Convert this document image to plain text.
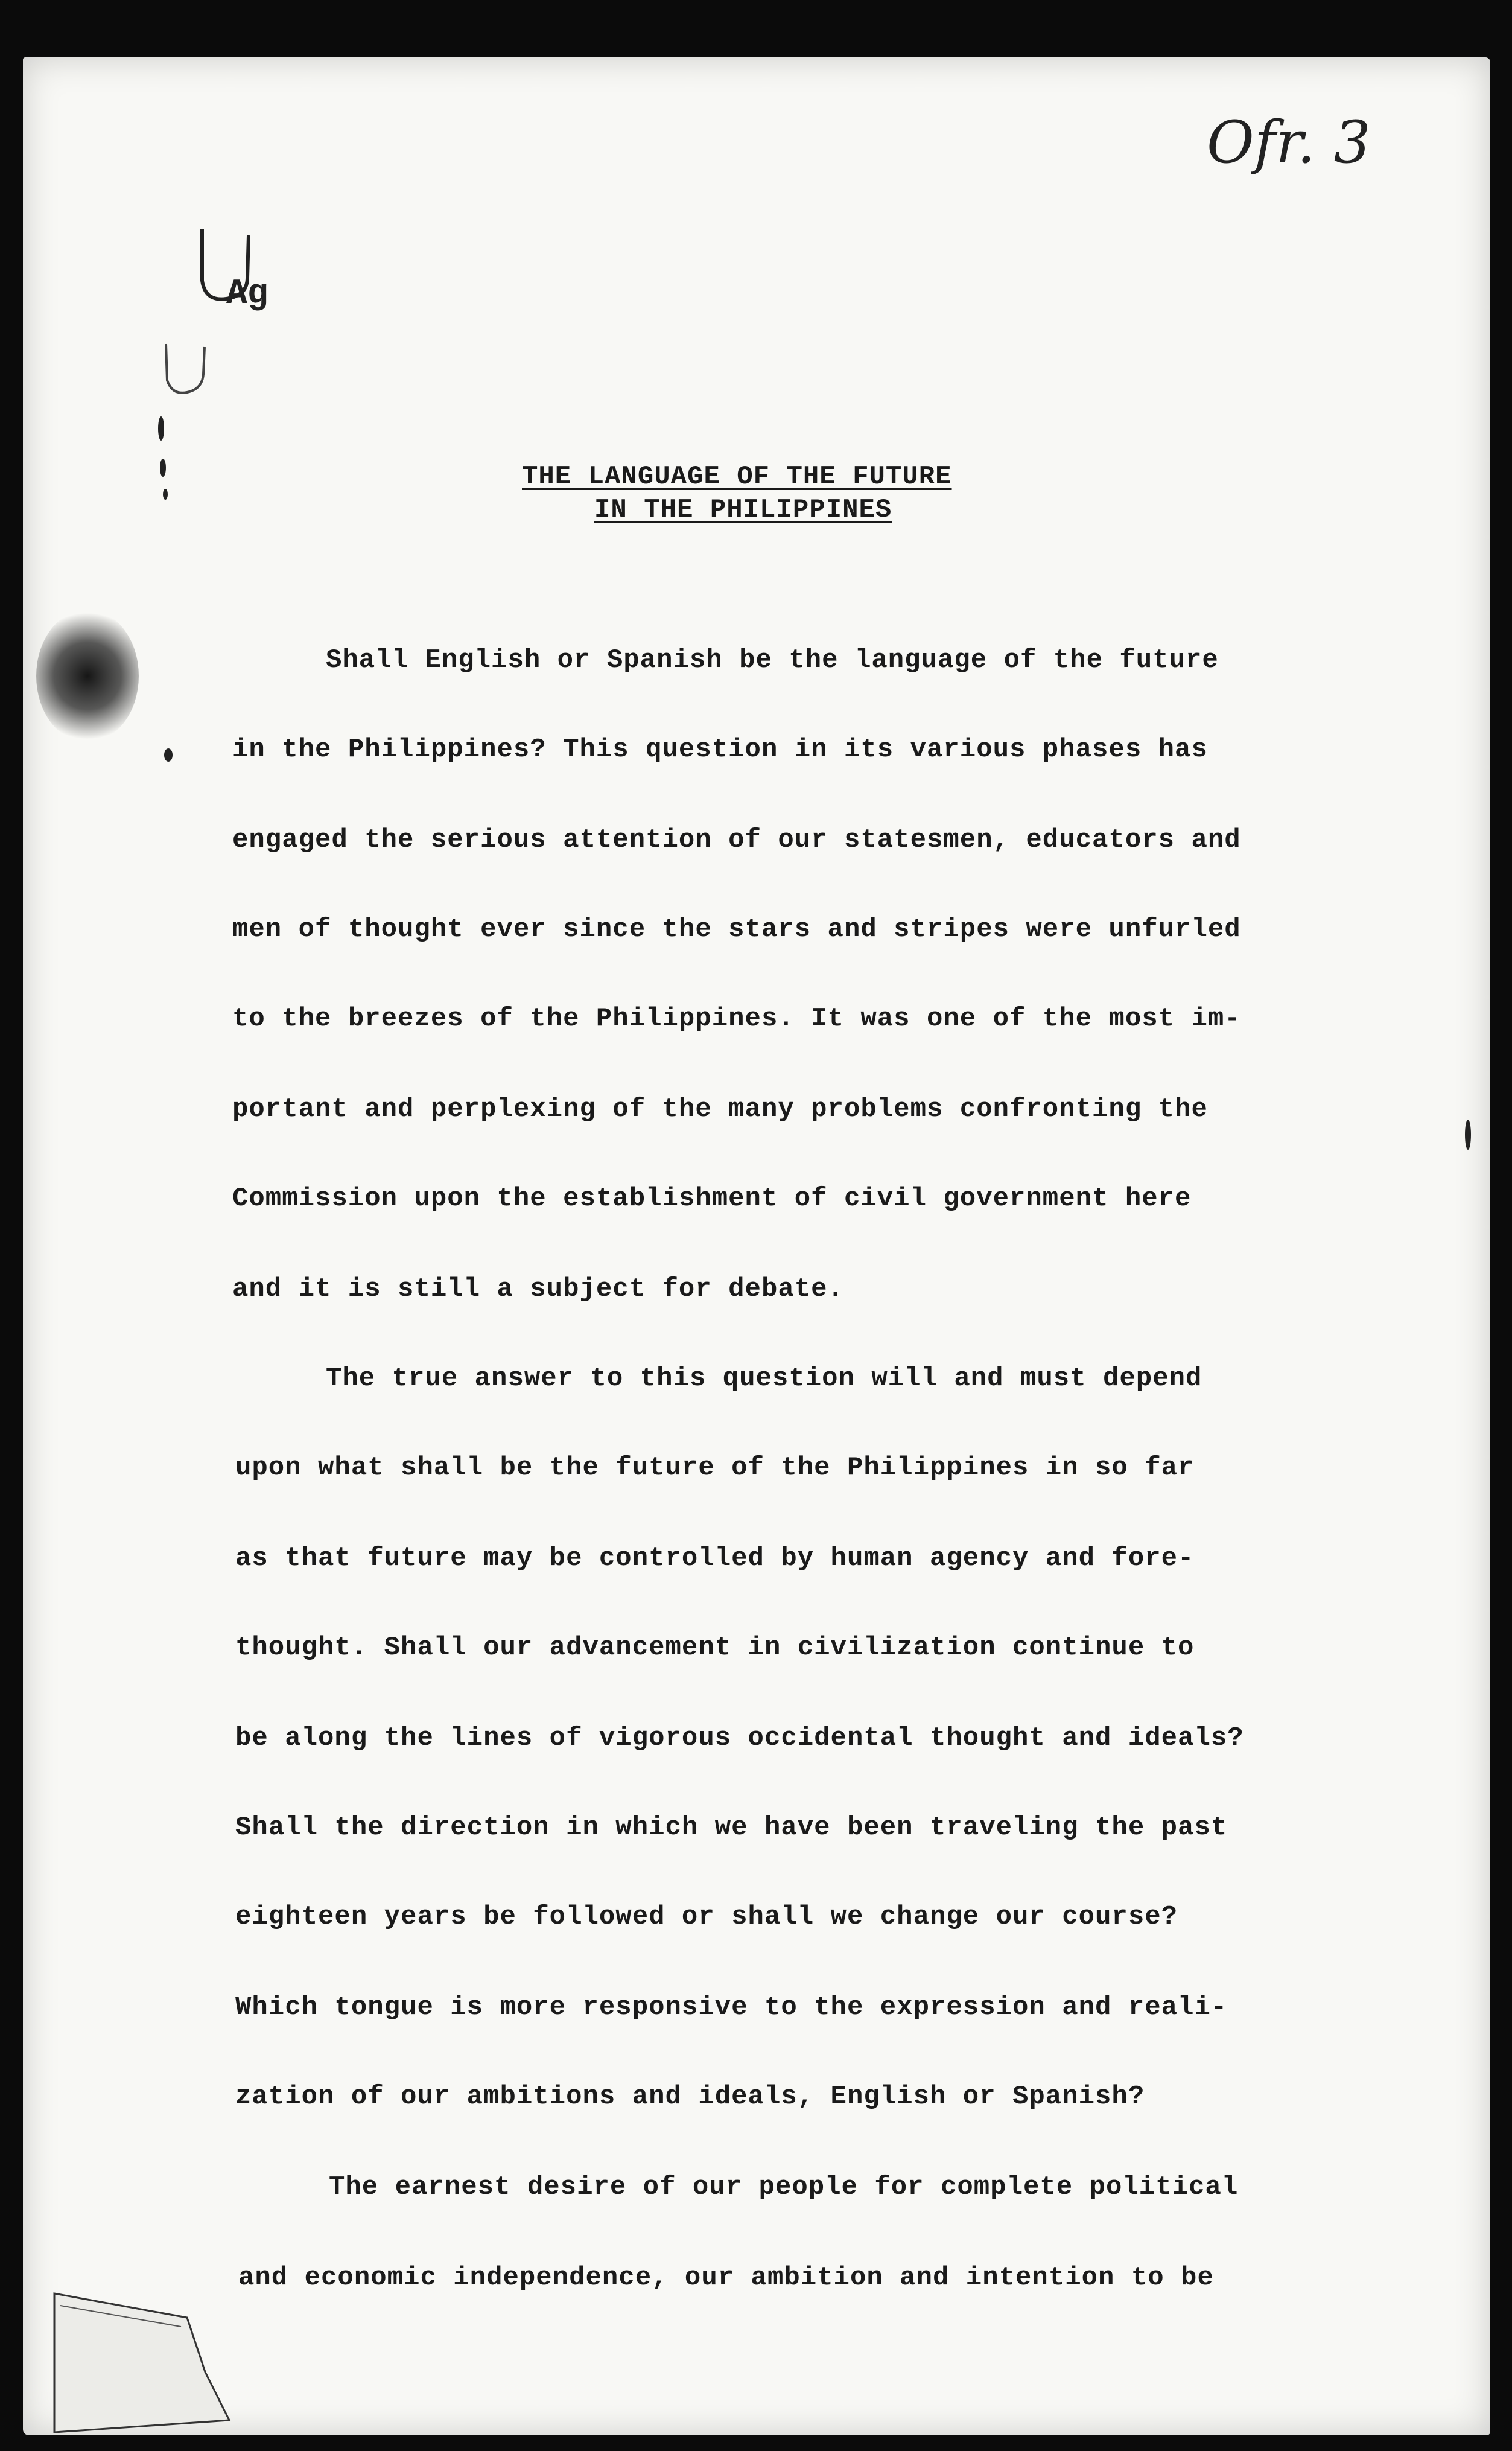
Ag
Ofr. 3
THE LANGUAGE OF THE FUTURE
IN THE PHILIPPINES
Shall English or Spanish be the language of the future
in the Philippines? This question in its various phases has
engaged the serious attention of our statesmen, educators and
men of thought ever since the stars and stripes were unfurled
to the breezes of the Philippines. It was one of the most im-
portant and perplexing of the many problems confronting the
Commission upon the establishment of civil government here
and it is still a subject for debate.
The true answer to this question will and must depend
upon what shall be the future of the Philippines in so far
as that future may be controlled by human agency and fore-
thought. Shall our advancement in civilization continue to
be along the lines of vigorous occidental thought and ideals?
Shall the direction in which we have been traveling the past
eighteen years be followed or shall we change our course?
Which tongue is more responsive to the expression and reali-
zation of our ambitions and ideals, English or Spanish?
The earnest desire of our people for complete political
and economic independence, our ambition and intention to be
